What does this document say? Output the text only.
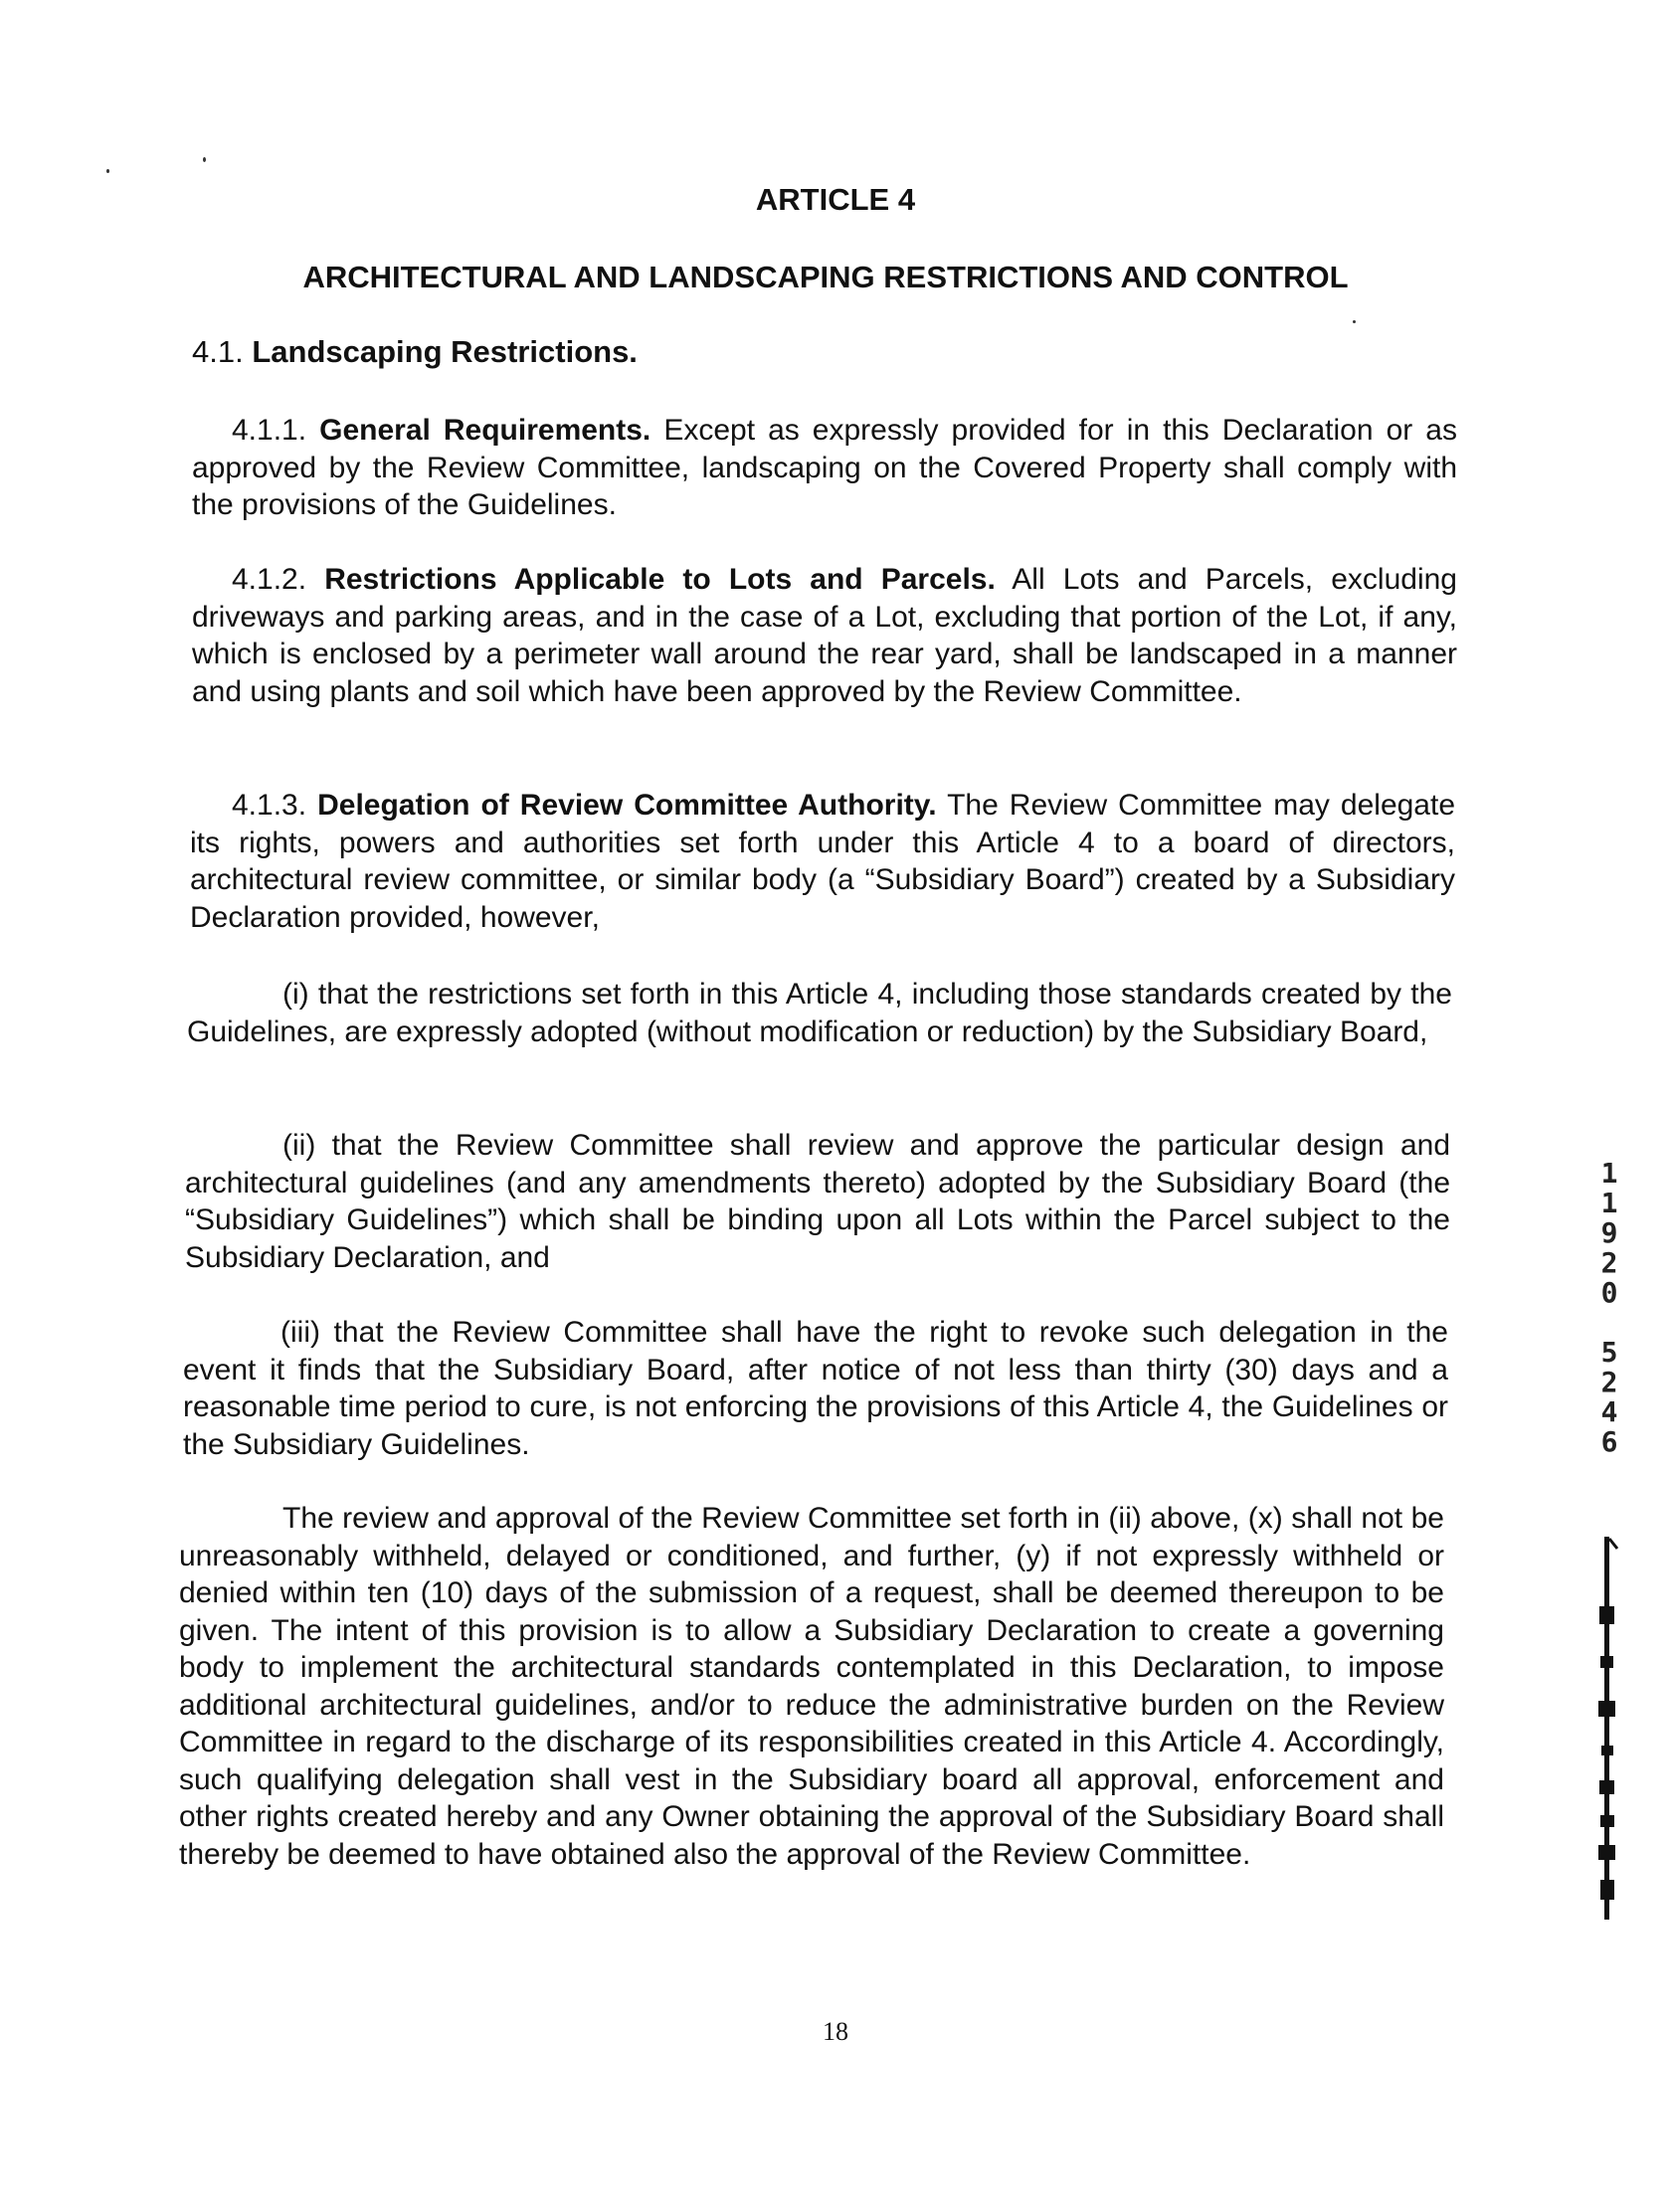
ARTICLE 4
ARCHITECTURAL AND LANDSCAPING RESTRICTIONS AND CONTROL
4.1. Landscaping Restrictions.
4.1.1. General Requirements. Except as expressly provided for in this Declaration or as approved by the Review Committee, landscaping on the Covered Property shall comply with the provisions of the Guidelines.
4.1.2. Restrictions Applicable to Lots and Parcels. All Lots and Parcels, excluding driveways and parking areas, and in the case of a Lot, excluding that portion of the Lot, if any, which is enclosed by a perimeter wall around the rear yard, shall be landscaped in a manner and using plants and soil which have been approved by the Review Committee.
4.1.3. Delegation of Review Committee Authority. The Review Committee may delegate its rights, powers and authorities set forth under this Article 4 to a board of directors, architectural review committee, or similar body (a “Subsidiary Board”) created by a Subsidiary Declaration provided, however,
(i) that the restrictions set forth in this Article 4, including those standards created by the Guidelines, are expressly adopted (without modification or reduction) by the Subsidiary Board,
(ii) that the Review Committee shall review and approve the particular design and architectural guidelines (and any amendments thereto) adopted by the Subsidiary Board (the “Subsidiary Guidelines”) which shall be binding upon all Lots within the Parcel subject to the Subsidiary Declaration, and
(iii) that the Review Committee shall have the right to revoke such delegation in the event it finds that the Subsidiary Board, after notice of not less than thirty (30) days and a reasonable time period to cure, is not enforcing the provisions of this Article 4, the Guidelines or the Subsidiary Guidelines.
The review and approval of the Review Committee set forth in (ii) above, (x) shall not be unreasonably withheld, delayed or conditioned, and further, (y) if not expressly withheld or denied within ten (10) days of the submission of a request, shall be deemed thereupon to be given. The intent of this provision is to allow a Subsidiary Declaration to create a governing body to implement the architectural standards contemplated in this Declaration, to impose additional architectural guidelines, and/or to reduce the administrative burden on the Review Committee in regard to the discharge of its responsibilities created in this Article 4. Accordingly, such qualifying delegation shall vest in the Subsidiary board all approval, enforcement and other rights created hereby and any Owner obtaining the approval of the Subsidiary Board shall thereby be deemed to have obtained also the approval of the Review Committee.
18
1
1
9
2
0
5
2
4
6
